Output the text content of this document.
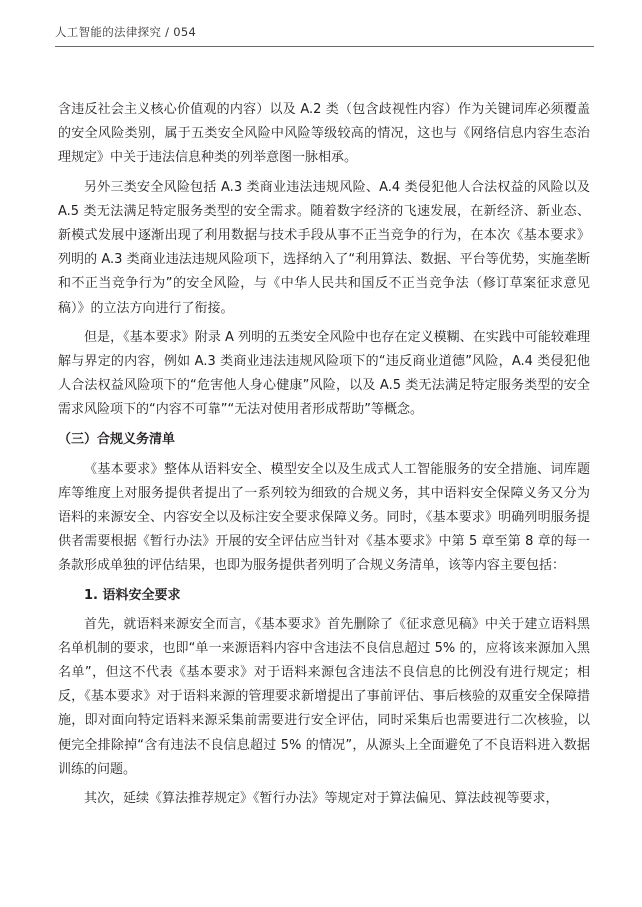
人工智能的法律探究 / 054

含违反社会主义核心价值观的内容）以及 A.2 类（包含歧视性内容）作为关键词库必须覆盖的安全风险类别，属于五类安全风险中风险等级较高的情况，这也与《网络信息内容生态治理规定》中关于违法信息种类的列举意图一脉相承。

另外三类安全风险包括 A.3 类商业违法违规风险、A.4 类侵犯他人合法权益的风险以及 A.5 类无法满足特定服务类型的安全需求。随着数字经济的飞速发展，在新经济、新业态、新模式发展中逐渐出现了利用数据与技术手段从事不正当竞争的行为，在本次《基本要求》列明的 A.3 类商业违法违规风险项下，选择纳入了“利用算法、数据、平台等优势，实施垄断和不正当竞争行为”的安全风险，与《中华人民共和国反不正当竞争法（修订草案征求意见稿）》的立法方向进行了衔接。

但是，《基本要求》附录 A 列明的五类安全风险中也存在定义模糊、在实践中可能较难理解与界定的内容，例如 A.3 类商业违法违规风险项下的“违反商业道德”风险，A.4 类侵犯他人合法权益风险项下的“危害他人身心健康”风险，以及 A.5 类无法满足特定服务类型的安全需求风险项下的“内容不可靠”“无法对使用者形成帮助”等概念。

（三）合规义务清单

《基本要求》整体从语料安全、模型安全以及生成式人工智能服务的安全措施、词库题库等维度上对服务提供者提出了一系列较为细致的合规义务，其中语料安全保障义务又分为语料的来源安全、内容安全以及标注安全要求保障义务。同时，《基本要求》明确列明服务提供者需要根据《暂行办法》开展的安全评估应当针对《基本要求》中第 5 章至第 8 章的每一条款形成单独的评估结果，也即为服务提供者列明了合规义务清单，该等内容主要包括：

1. 语料安全要求

首先，就语料来源安全而言，《基本要求》首先删除了《征求意见稿》中关于建立语料黑名单机制的要求，也即“单一来源语料内容中含违法不良信息超过 5% 的，应将该来源加入黑名单”，但这不代表《基本要求》对于语料来源包含违法不良信息的比例没有进行规定；相反，《基本要求》对于语料来源的管理要求新增提出了事前评估、事后核验的双重安全保障措施，即对面向特定语料来源采集前需要进行安全评估，同时采集后也需要进行二次核验，以便完全排除掉“含有违法不良信息超过 5% 的情况”，从源头上全面避免了不良语料进入数据训练的问题。

其次，延续《算法推荐规定》《暂行办法》等规定对于算法偏见、算法歧视等要求，
